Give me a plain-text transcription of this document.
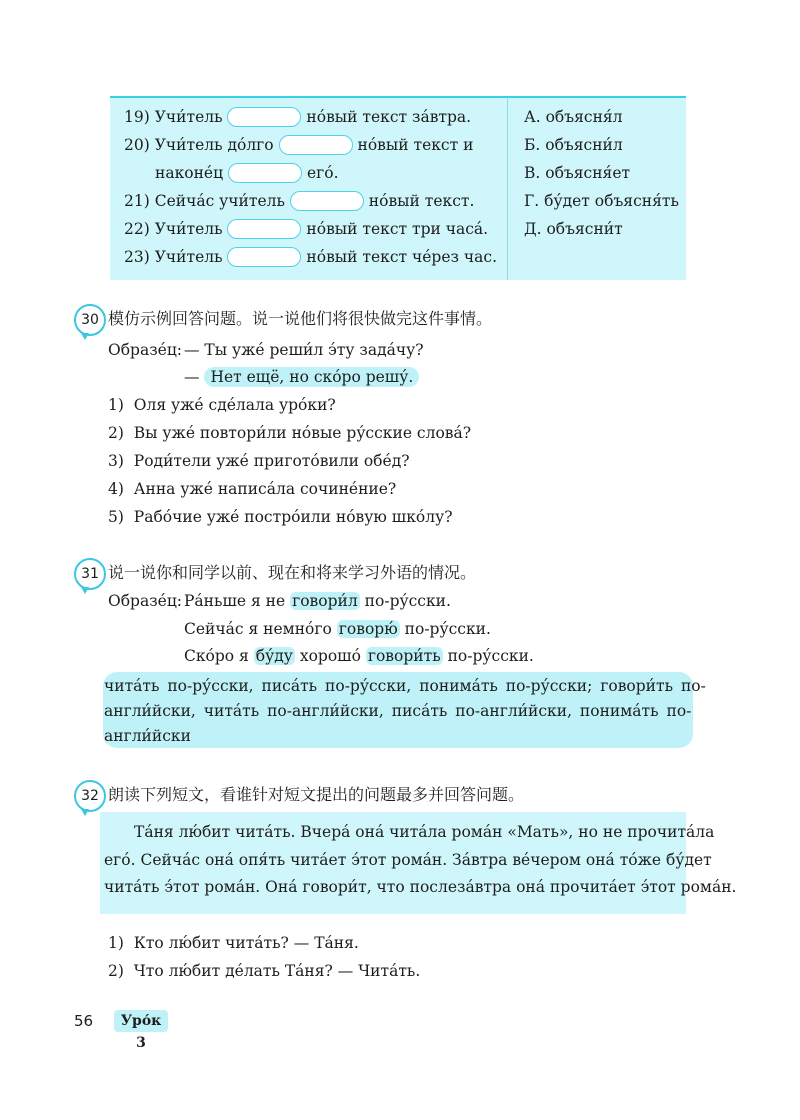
19) Учи́тель	но́вый текст за́втра.
20) Учи́тель до́лго	но́вый текст и
наконе́ц	его́.
21) Сейча́с учи́тель	но́вый текст.
22) Учи́тель	но́вый текст три часа́.
23) Учи́тель	но́вый текст че́рез час.
А. объясня́л
Б. объясни́л
В. объясня́ет
Г. бу́дет объясня́ть
Д. объясни́т
30 模仿示例回答问题。说一说他们将很快做完这件事情。
Образе́ц: — Ты уже́ реши́л э́ту зада́чу?
— Нет ещё, но ско́ро решу́.
1) Оля уже́ сде́лала уро́ки?
2) Вы уже́ повтори́ли но́вые ру́сские слова́?
3) Роди́тели уже́ пригото́вили обе́д?
4) Анна уже́ написа́ла сочине́ние?
5) Рабо́чие уже́ постро́или но́вую шко́лу?
31 说一说你和同学以前、现在和将来学习外语的情况。
Образе́ц: Ра́ньше я не говори́л по-ру́сски.
Сейча́с я немно́го говорю́ по-ру́сски.
Ско́ро я бу́ду хорошо́ говори́ть по-ру́сски.
чита́ть по-ру́сски, писа́ть по-ру́сски, понима́ть по-ру́сски; говори́ть по-
англи́йски, чита́ть по-англи́йски, писа́ть по-англи́йски, понима́ть по-
англи́йски
32 朗读下列短文，看谁针对短文提出的问题最多并回答问题。
Та́ня лю́бит чита́ть. Вчера́ она́ чита́ла рома́н «Мать», но не прочита́ла
его́. Сейча́с она́ опя́ть чита́ет э́тот рома́н. За́втра ве́чером она́ то́же бу́дет
чита́ть э́тот рома́н. Она́ говори́т, что послеза́втра она́ прочита́ет э́тот рома́н.
1) Кто лю́бит чита́ть? — Та́ня.
2) Что лю́бит де́лать Та́ня? — Чита́ть.
56	Уро́к 3
